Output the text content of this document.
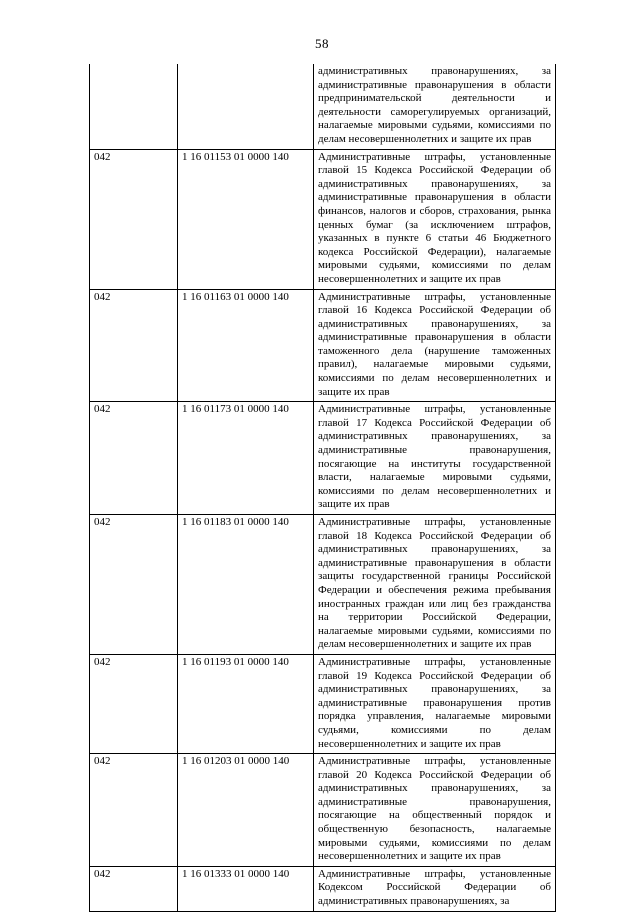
58
		административных правонарушениях, за административные правонарушения в области предпринимательской деятельности и деятельности саморегулируемых организаций, налагаемые мировыми судьями, комиссиями по делам несовершеннолетних и защите их прав
042	1 16 01153 01 0000 140	Административные штрафы, установленные главой 15 Кодекса Российской Федерации об административных правонарушениях, за административные правонарушения в области финансов, налогов и сборов, страхования, рынка ценных бумаг (за исключением штрафов, указанных в пункте 6 статьи 46 Бюджетного кодекса Российской Федерации), налагаемые мировыми судьями, комиссиями по делам несовершеннолетних и защите их прав
042	1 16 01163 01 0000 140	Административные штрафы, установленные главой 16 Кодекса Российской Федерации об административных правонарушениях, за административные правонарушения в области таможенного дела (нарушение таможенных правил), налагаемые мировыми судьями, комиссиями по делам несовершеннолетних и защите их прав
042	1 16 01173 01 0000 140	Административные штрафы, установленные главой 17 Кодекса Российской Федерации об административных правонарушениях, за административные правонарушения, посягающие на институты государственной власти, налагаемые мировыми судьями, комиссиями по делам несовершеннолетних и защите их прав
042	1 16 01183 01 0000 140	Административные штрафы, установленные главой 18 Кодекса Российской Федерации об административных правонарушениях, за административные правонарушения в области защиты государственной границы Российской Федерации и обеспечения режима пребывания иностранных граждан или лиц без гражданства на территории Российской Федерации, налагаемые мировыми судьями, комиссиями по делам несовершеннолетних и защите их прав
042	1 16 01193 01 0000 140	Административные штрафы, установленные главой 19 Кодекса Российской Федерации об административных правонарушениях, за административные правонарушения против порядка управления, налагаемые мировыми судьями, комиссиями по делам несовершеннолетних и защите их прав
042	1 16 01203 01 0000 140	Административные штрафы, установленные главой 20 Кодекса Российской Федерации об административных правонарушениях, за административные правонарушения, посягающие на общественный порядок и общественную безопасность, налагаемые мировыми судьями, комиссиями по делам несовершеннолетних и защите их прав
042	1 16 01333 01 0000 140	Административные штрафы, установленные Кодексом Российской Федерации об административных правонарушениях, за
